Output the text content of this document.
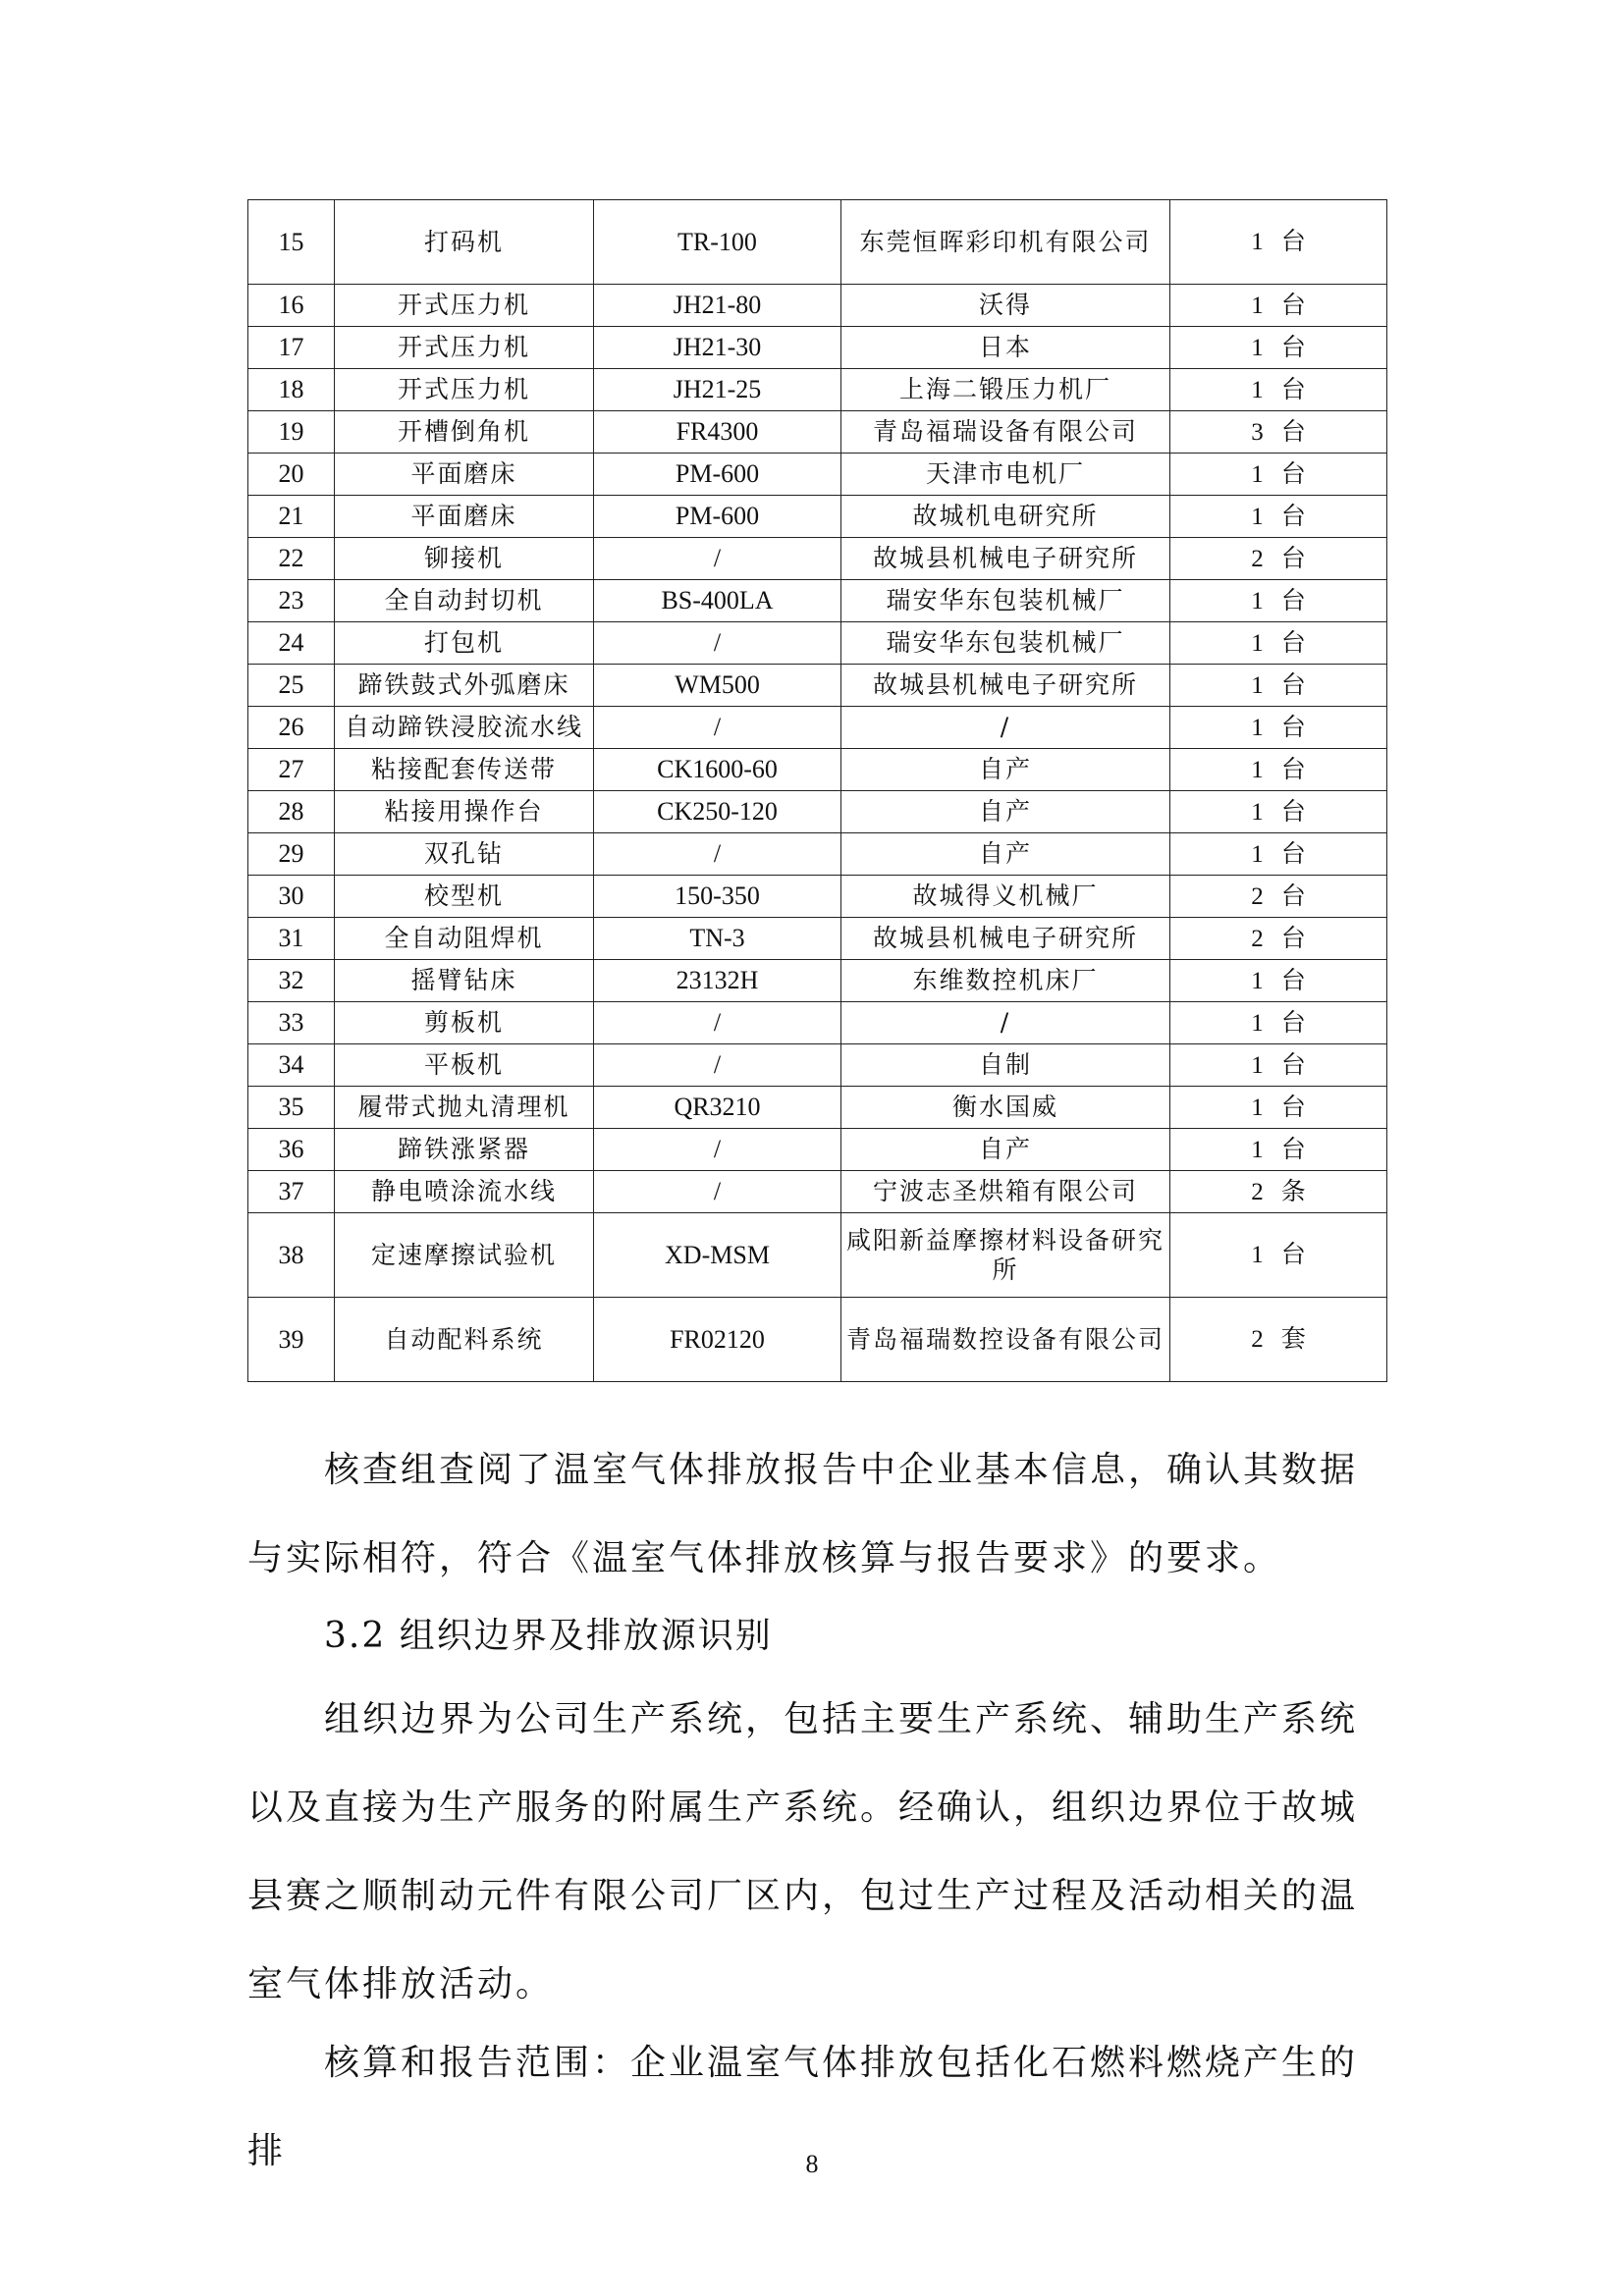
15	打码机	TR-100	东莞恒晖彩印机有限公司	1 台
16	开式压力机	JH21-80	沃得	1 台
17	开式压力机	JH21-30	日本	1 台
18	开式压力机	JH21-25	上海二锻压力机厂	1 台
19	开槽倒角机	FR4300	青岛福瑞设备有限公司	3 台
20	平面磨床	PM-600	天津市电机厂	1 台
21	平面磨床	PM-600	故城机电研究所	1 台
22	铆接机	/	故城县机械电子研究所	2 台
23	全自动封切机	BS-400LA	瑞安华东包装机械厂	1 台
24	打包机	/	瑞安华东包装机械厂	1 台
25	蹄铁鼓式外弧磨床	WM500	故城县机械电子研究所	1 台
26	自动蹄铁浸胶流水线	/	/	1 台
27	粘接配套传送带	CK1600-60	自产	1 台
28	粘接用操作台	CK250-120	自产	1 台
29	双孔钻	/	自产	1 台
30	校型机	150-350	故城得义机械厂	2 台
31	全自动阻焊机	TN-3	故城县机械电子研究所	2 台
32	摇臂钻床	23132H	东维数控机床厂	1 台
33	剪板机	/	/	1 台
34	平板机	/	自制	1 台
35	履带式抛丸清理机	QR3210	衡水国威	1 台
36	蹄铁涨紧器	/	自产	1 台
37	静电喷涂流水线	/	宁波志圣烘箱有限公司	2 条
38	定速摩擦试验机	XD-MSM	咸阳新益摩擦材料设备研究所	1 台
39	自动配料系统	FR02120	青岛福瑞数控设备有限公司	2 套

核查组查阅了温室气体排放报告中企业基本信息，确认其数据与实际相符，符合《温室气体排放核算与报告要求》的要求。

3.2 组织边界及排放源识别

组织边界为公司生产系统，包括主要生产系统、辅助生产系统以及直接为生产服务的附属生产系统。经确认，组织边界位于故城县赛之顺制动元件有限公司厂区内，包过生产过程及活动相关的温室气体排放活动。

核算和报告范围：企业温室气体排放包括化石燃料燃烧产生的排	8
